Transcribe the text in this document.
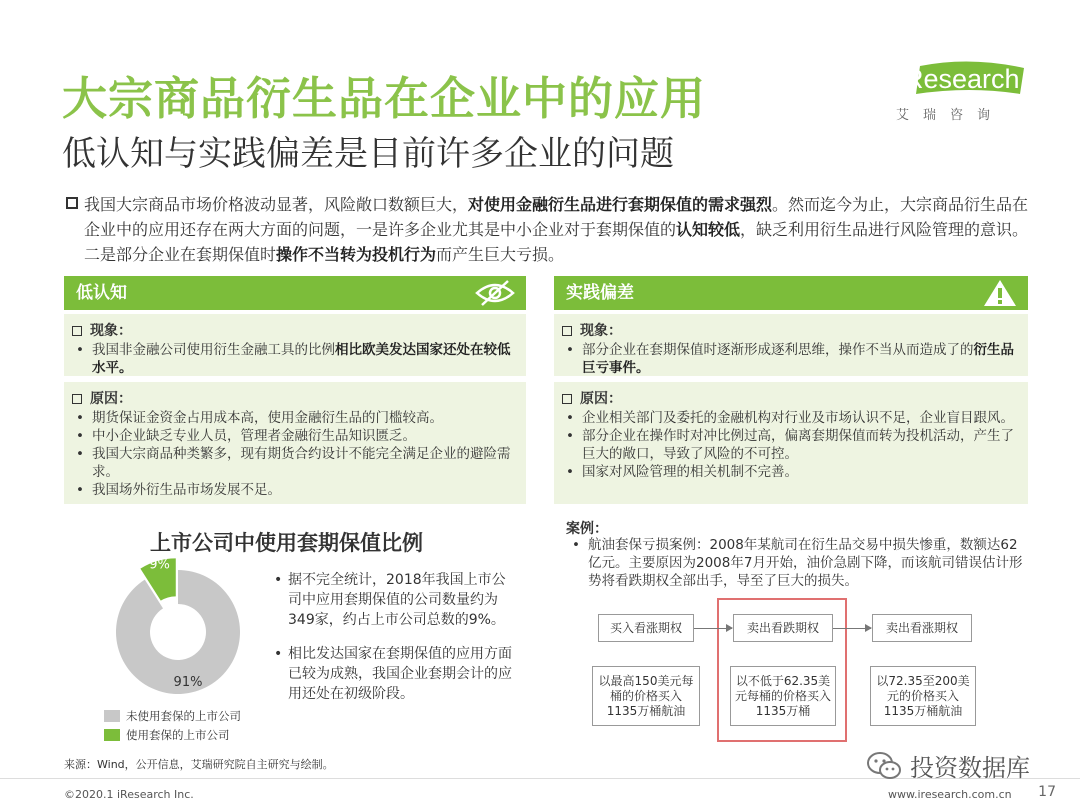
大宗商品衍生品在企业中的应用
低认知与实践偏差是目前许多企业的问题
iResearch
艾瑞咨询

我国大宗商品市场价格波动显著，风险敞口数额巨大，对使用金融衍生品进行套期保值的需求强烈。然而迄今为止，大宗商品衍生品在企业中的应用还存在两大方面的问题，一是许多企业尤其是中小企业对于套期保值的认知较低，缺乏利用衍生品进行风险管理的意识。二是部分企业在套期保值时操作不当转为投机行为而产生巨大亏损。

低认知
现象：
• 我国非金融公司使用衍生金融工具的比例相比欧美发达国家还处在较低水平。
原因：
• 期货保证金资金占用成本高，使用金融衍生品的门槛较高。
• 中小企业缺乏专业人员，管理者金融衍生品知识匮乏。
• 我国大宗商品种类繁多，现有期货合约设计不能完全满足企业的避险需求。
• 我国场外衍生品市场发展不足。
实践偏差
现象：
• 部分企业在套期保值时逐渐形成逐利思维，操作不当从而造成了的衍生品巨亏事件。
原因：
• 企业相关部门及委托的金融机构对行业及市场认识不足，企业盲目跟风。
• 部分企业在操作时对冲比例过高，偏离套期保值而转为投机活动，产生了巨大的敞口，导致了风险的不可控。
• 国家对风险管理的相关机制不完善。
上市公司中使用套期保值比例
91%
9%
未使用套保的上市公司
使用套保的上市公司
• 据不完全统计，2018年我国上市公司中应用套期保值的公司数量约为349家，约占上市公司总数的9%。
• 相比发达国家在套期保值的应用方面已较为成熟，我国企业套期会计的应用还处在初级阶段。
案例：
• 航油套保亏损案例：2008年某航司在衍生品交易中损失惨重，数额达62亿元。主要原因为2008年7月开始，油价急剧下降，而该航司错误估计形势将看跌期权全部出手，导至了巨大的损失。
买入看涨期权	卖出看跌期权	卖出看涨期权
以最高150美元每桶的价格买入1135万桶航油
以不低于62.35美元每桶的价格买入1135万桶
以72.35至200美元的价格买入1135万桶航油
来源：Wind，公开信息，艾瑞研究院自主研究与绘制。
©2020.1 iResearch Inc.	www.iresearch.com.cn 17
投资数据库
